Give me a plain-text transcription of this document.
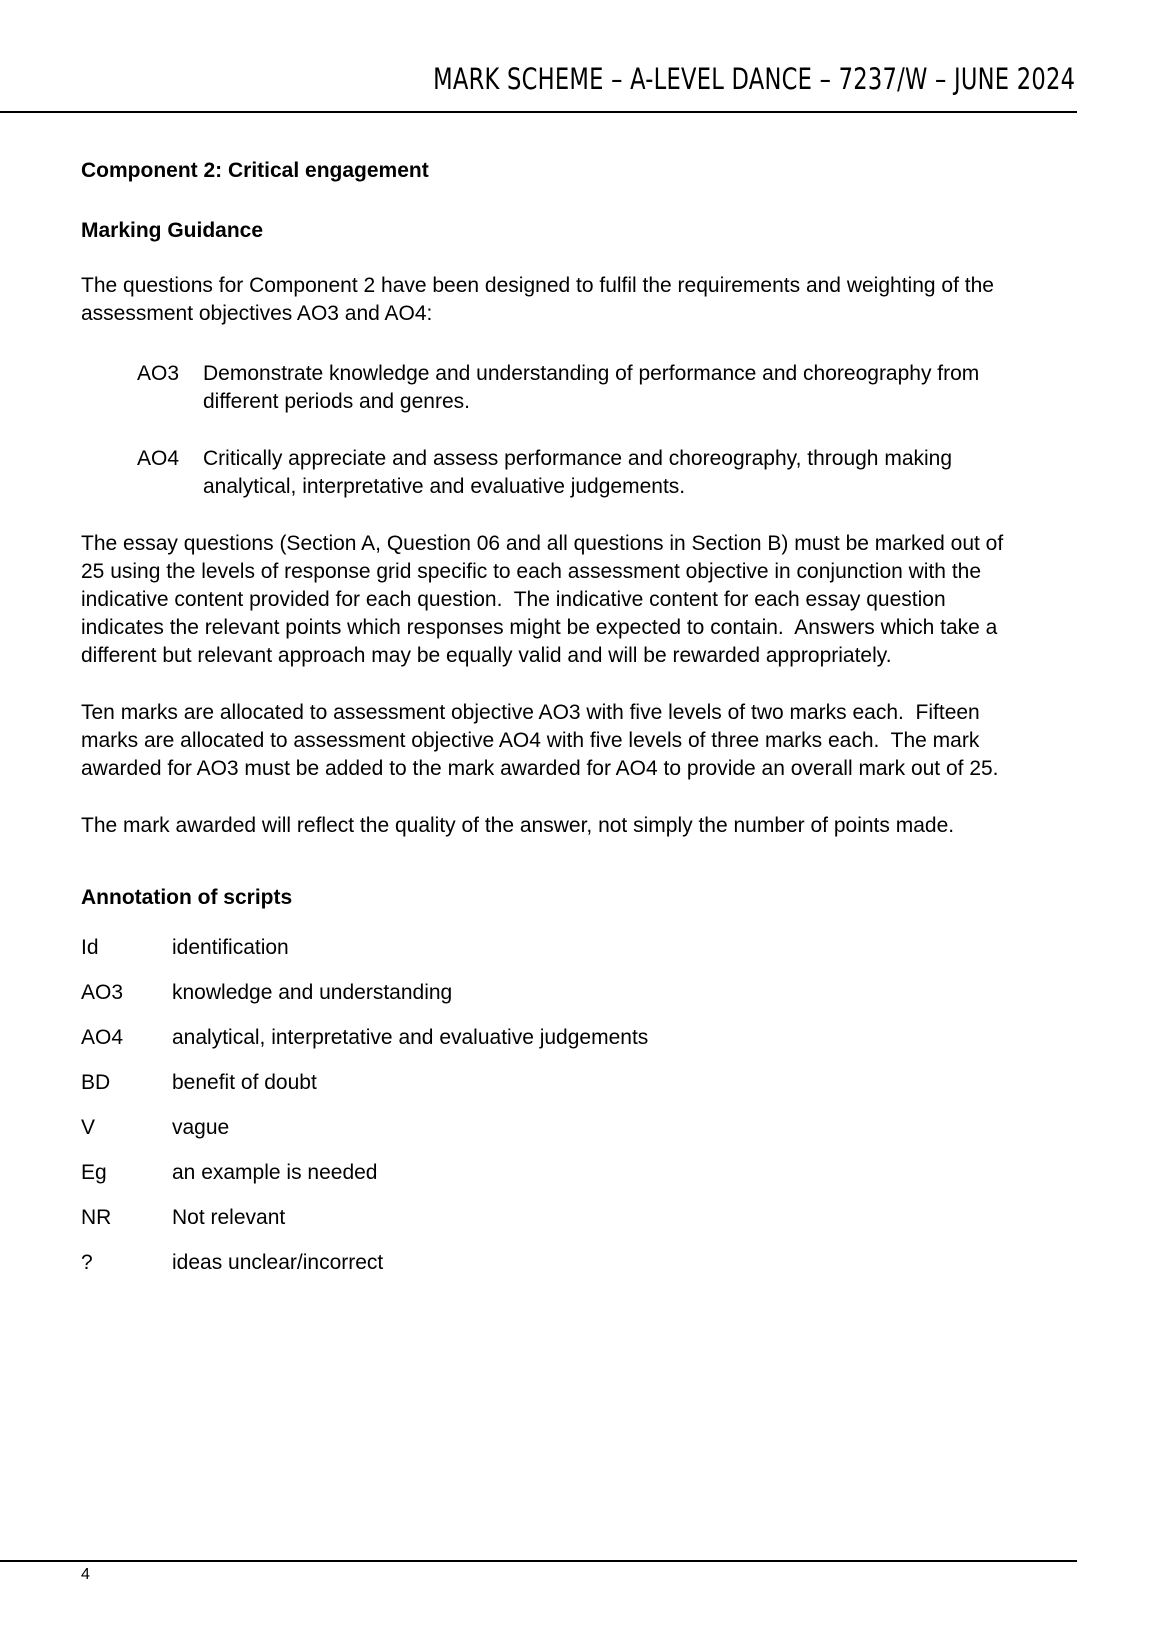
MARK SCHEME – A-LEVEL DANCE – 7237/W – JUNE 2024
Component 2: Critical engagement
Marking Guidance
The questions for Component 2 have been designed to fulfil the requirements and weighting of the assessment objectives AO3 and AO4:
AO3	Demonstrate knowledge and understanding of performance and choreography from different periods and genres.
AO4	Critically appreciate and assess performance and choreography, through making analytical, interpretative and evaluative judgements.
The essay questions (Section A, Question 06 and all questions in Section B) must be marked out of 25 using the levels of response grid specific to each assessment objective in conjunction with the indicative content provided for each question.  The indicative content for each essay question indicates the relevant points which responses might be expected to contain.  Answers which take a different but relevant approach may be equally valid and will be rewarded appropriately.
Ten marks are allocated to assessment objective AO3 with five levels of two marks each.  Fifteen marks are allocated to assessment objective AO4 with five levels of three marks each.  The mark awarded for AO3 must be added to the mark awarded for AO4 to provide an overall mark out of 25.
The mark awarded will reflect the quality of the answer, not simply the number of points made.
Annotation of scripts
Id	identification
AO3	knowledge and understanding
AO4	analytical, interpretative and evaluative judgements
BD	benefit of doubt
V	vague
Eg	an example is needed
NR	Not relevant
?	ideas unclear/incorrect
4
